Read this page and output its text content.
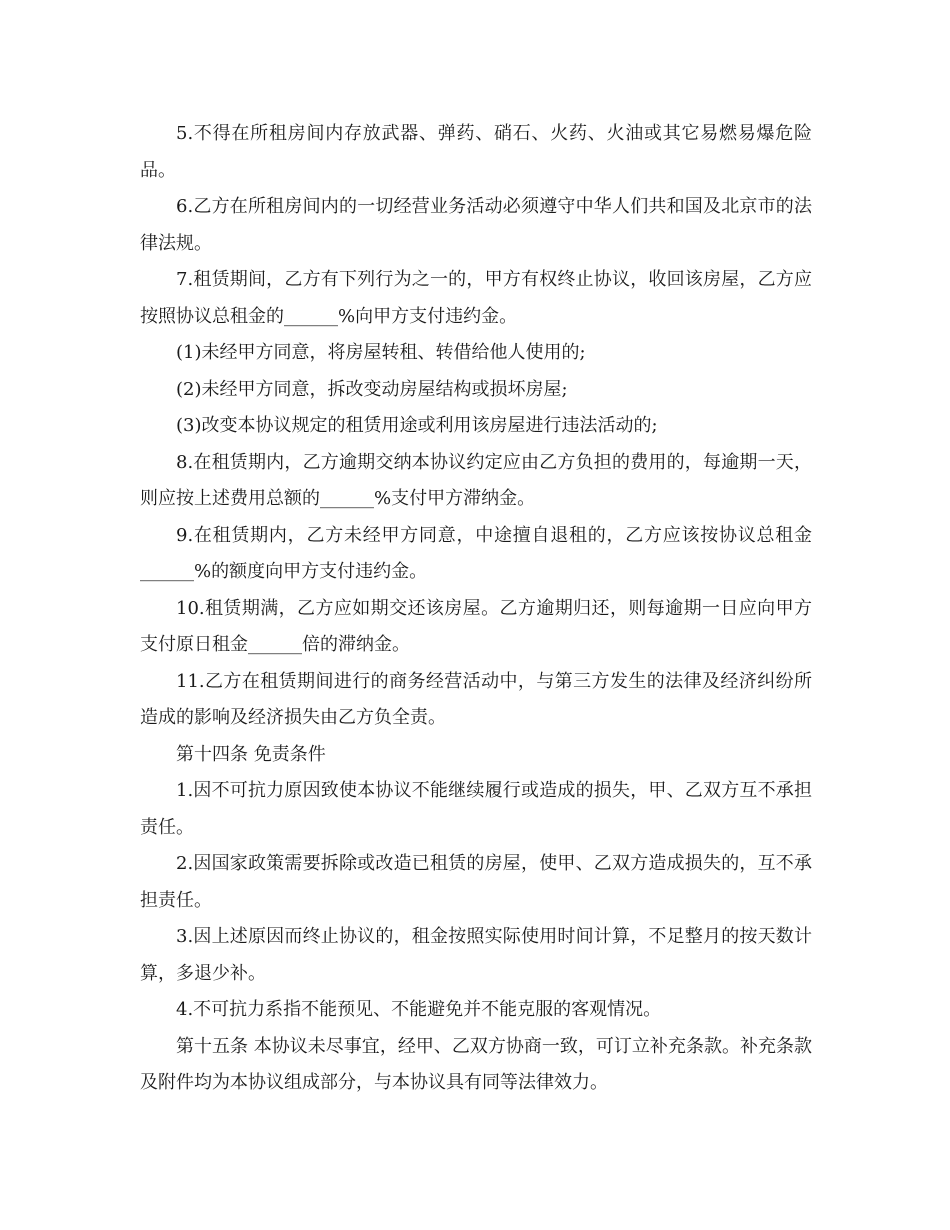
5.不得在所租房间内存放武器、弹药、硝石、火药、火油或其它易燃易爆危险品。

6.乙方在所租房间内的一切经营业务活动必须遵守中华人们共和国及北京市的法律法规。

7.租赁期间，乙方有下列行为之一的，甲方有权终止协议，收回该房屋，乙方应按照协议总租金的______%向甲方支付违约金。

(1)未经甲方同意，将房屋转租、转借给他人使用的;

(2)未经甲方同意，拆改变动房屋结构或损坏房屋;

(3)改变本协议规定的租赁用途或利用该房屋进行违法活动的;

8.在租赁期内，乙方逾期交纳本协议约定应由乙方负担的费用的，每逾期一天，则应按上述费用总额的______%支付甲方滞纳金。

9.在租赁期内，乙方未经甲方同意，中途擅自退租的，乙方应该按协议总租金______%的额度向甲方支付违约金。

10.租赁期满，乙方应如期交还该房屋。乙方逾期归还，则每逾期一日应向甲方支付原日租金______倍的滞纳金。

11.乙方在租赁期间进行的商务经营活动中，与第三方发生的法律及经济纠纷所造成的影响及经济损失由乙方负全责。

第十四条 免责条件

1.因不可抗力原因致使本协议不能继续履行或造成的损失，甲、乙双方互不承担责任。

2.因国家政策需要拆除或改造已租赁的房屋，使甲、乙双方造成损失的，互不承担责任。

3.因上述原因而终止协议的，租金按照实际使用时间计算，不足整月的按天数计算，多退少补。

4.不可抗力系指不能预见、不能避免并不能克服的客观情况。

第十五条 本协议未尽事宜，经甲、乙双方协商一致，可订立补充条款。补充条款及附件均为本协议组成部分，与本协议具有同等法律效力。
